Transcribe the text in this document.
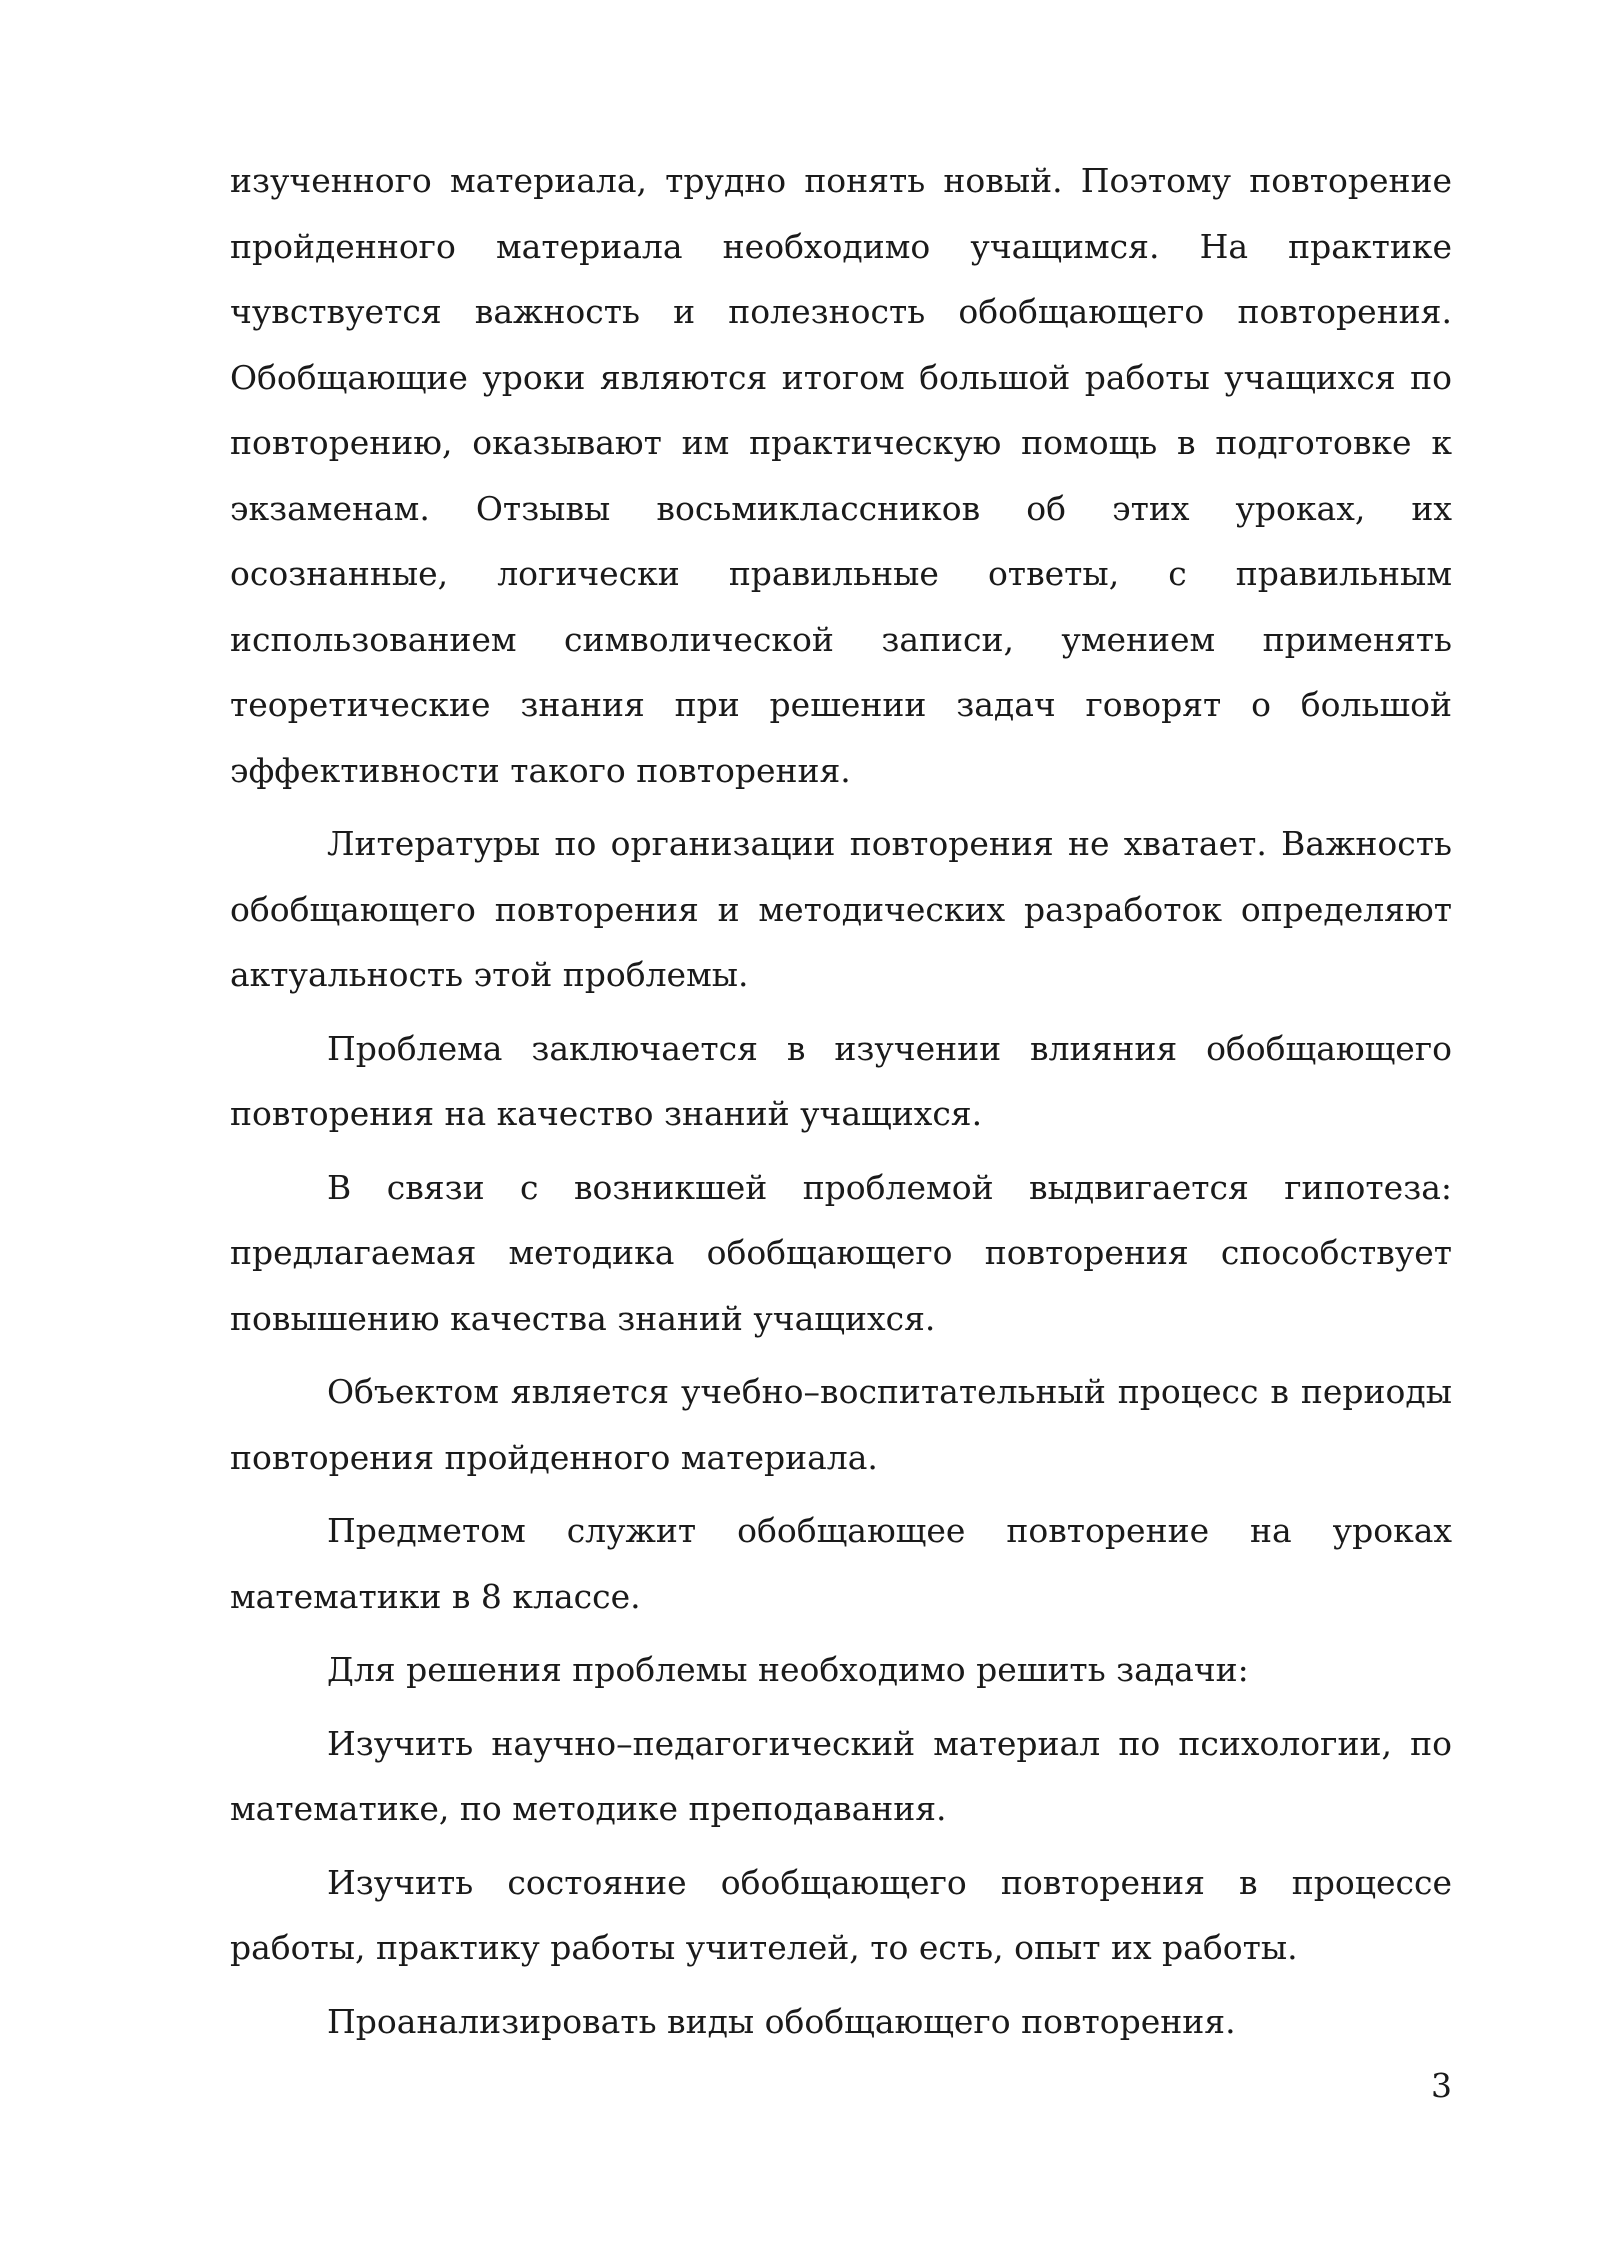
изученного материала, трудно понять новый. Поэтому повторение пройденного материала необходимо учащимся. На практике чувствуется важность и полезность обобщающего повторения. Обобщающие уроки являются итогом большой работы учащихся по повторению, оказывают им практическую помощь в подготовке к экзаменам. Отзывы восьмиклассников об этих уроках, их осознанные, логически правильные ответы, с правильным использованием символической записи, умением применять теоретические знания при решении задач говорят о большой эффективности такого повторения.

Литературы по организации повторения не хватает. Важность обобщающего повторения и методических разработок определяют актуальность этой проблемы.

Проблема заключается в изучении влияния обобщающего повторения на качество знаний учащихся.

В связи с возникшей проблемой выдвигается гипотеза: предлагаемая методика обобщающего повторения способствует повышению качества знаний учащихся.

Объектом является учебно–воспитательный процесс в периоды повторения пройденного материала.

Предметом служит обобщающее повторение на уроках математики в 8 классе.

Для решения проблемы необходимо решить задачи:

Изучить научно–педагогический материал по психологии, по математике, по методике преподавания.

Изучить состояние обобщающего повторения в процессе работы, практику работы учителей, то есть, опыт их работы.

Проанализировать виды обобщающего повторения.

3
